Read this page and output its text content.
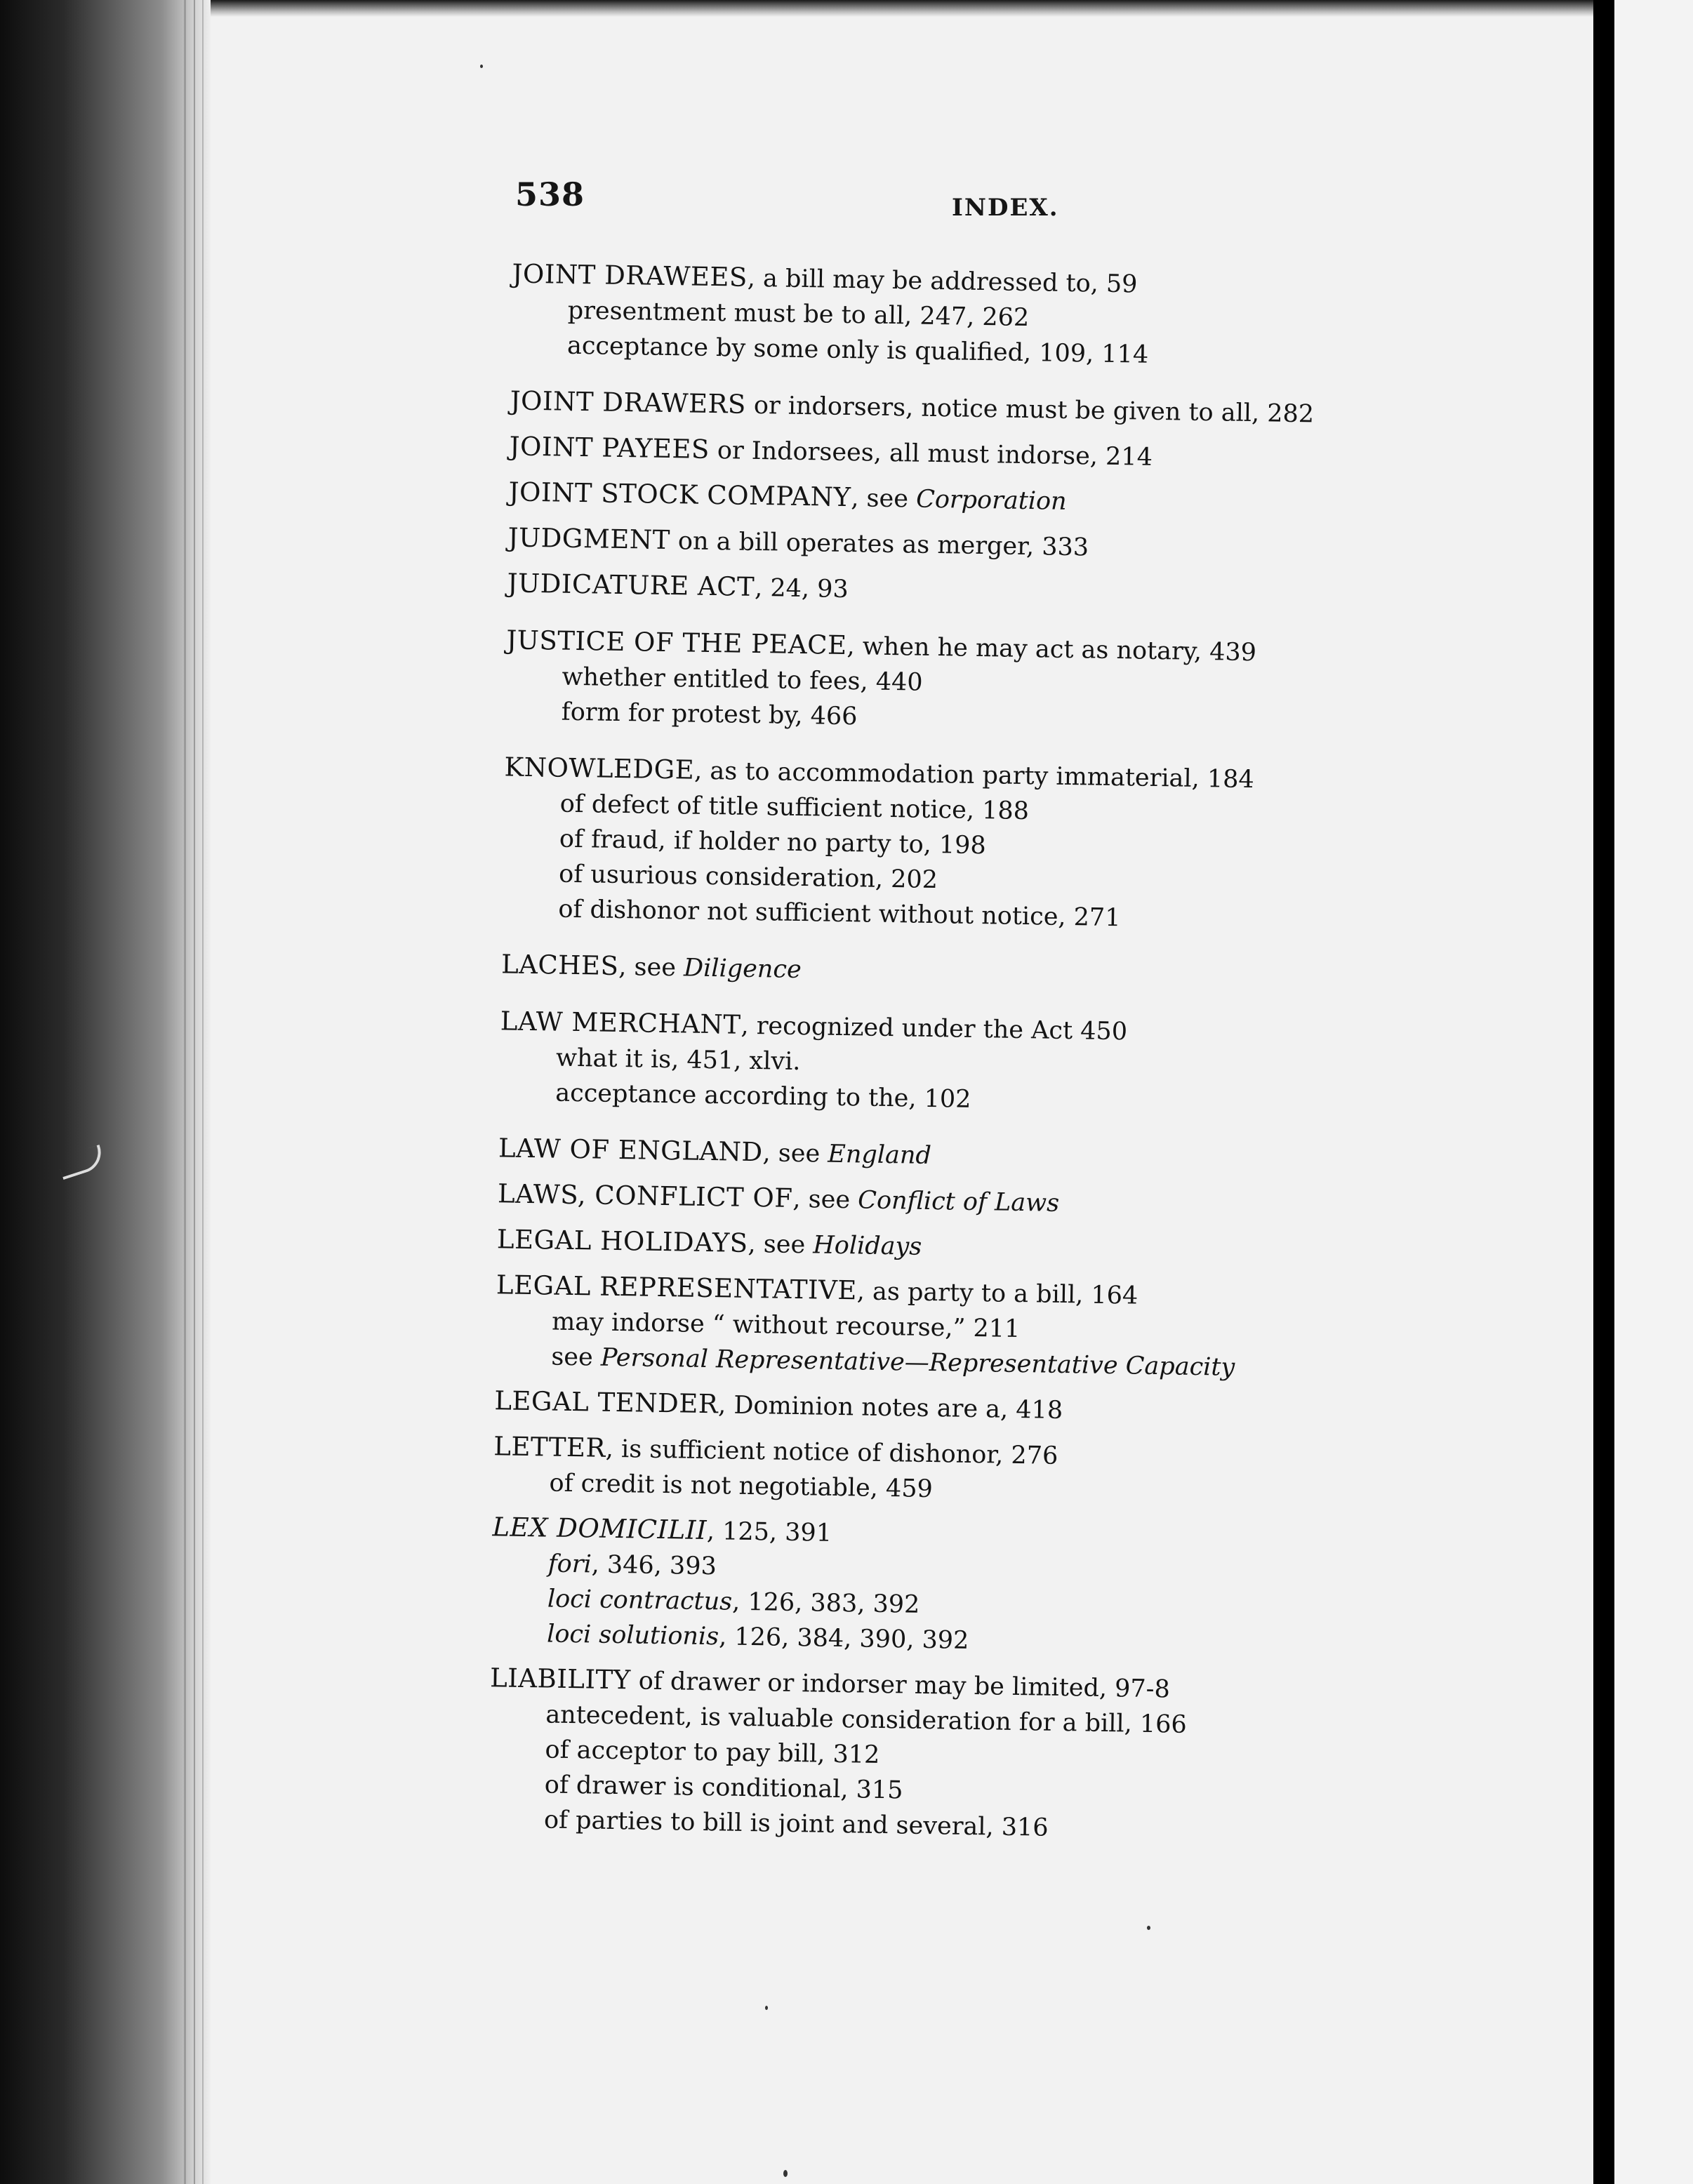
538	INDEX.
JOINT DRAWEES, a bill may be addressed to, 59
presentment must be to all, 247, 262
acceptance by some only is qualified, 109, 114
JOINT DRAWERS or indorsers, notice must be given to all, 282
JOINT PAYEES or Indorsees, all must indorse, 214
JOINT STOCK COMPANY, see Corporation
JUDGMENT on a bill operates as merger, 333
JUDICATURE ACT, 24, 93
JUSTICE OF THE PEACE, when he may act as notary, 439
whether entitled to fees, 440
form for protest by, 466
KNOWLEDGE, as to accommodation party immaterial, 184
of defect of title sufficient notice, 188
of fraud, if holder no party to, 198
of usurious consideration, 202
of dishonor not sufficient without notice, 271
LACHES, see Diligence
LAW MERCHANT, recognized under the Act 450
what it is, 451, xlvi.
acceptance according to the, 102
LAW OF ENGLAND, see England
LAWS, CONFLICT OF, see Conflict of Laws
LEGAL HOLIDAYS, see Holidays
LEGAL REPRESENTATIVE, as party to a bill, 164
may indorse “ without recourse,” 211
see Personal Representative—Representative Capacity
LEGAL TENDER, Dominion notes are a, 418
LETTER, is sufficient notice of dishonor, 276
of credit is not negotiable, 459
LEX DOMICILII, 125, 391
fori, 346, 393
loci contractus, 126, 383, 392
loci solutionis, 126, 384, 390, 392
LIABILITY of drawer or indorser may be limited, 97-8
antecedent, is valuable consideration for a bill, 166
of acceptor to pay bill, 312
of drawer is conditional, 315
of parties to bill is joint and several, 316
